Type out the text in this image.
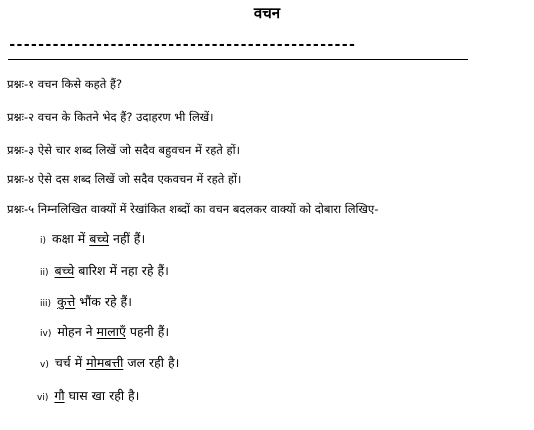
वचन
------------------------------------------------
प्रश्नः-१ वचन किसे कहते हैं?
प्रश्नः-२ वचन के कितने भेद हैं? उदाहरण भी लिखें।
प्रश्नः-३ ऐसे चार शब्द लिखें जो सदैव बहुवचन में रहते हों।
प्रश्नः-४ ऐसे दस शब्द लिखें जो सदैव एकवचन में रहते हों।
प्रश्नः-५ निम्नलिखित वाक्यों में रेखांकित शब्दों का वचन बदलकर वाक्यों को दोबारा लिखिए-
i) कक्षा में बच्चे नहीं हैं।
ii) बच्चे बारिश में नहा रहे हैं।
iii) कुत्ते भौंक रहे हैं।
iv) मोहन ने मालाएँ पहनी हैं।
v) चर्च में मोमबत्ती जल रही है।
vi) गौ घास खा रही है।
